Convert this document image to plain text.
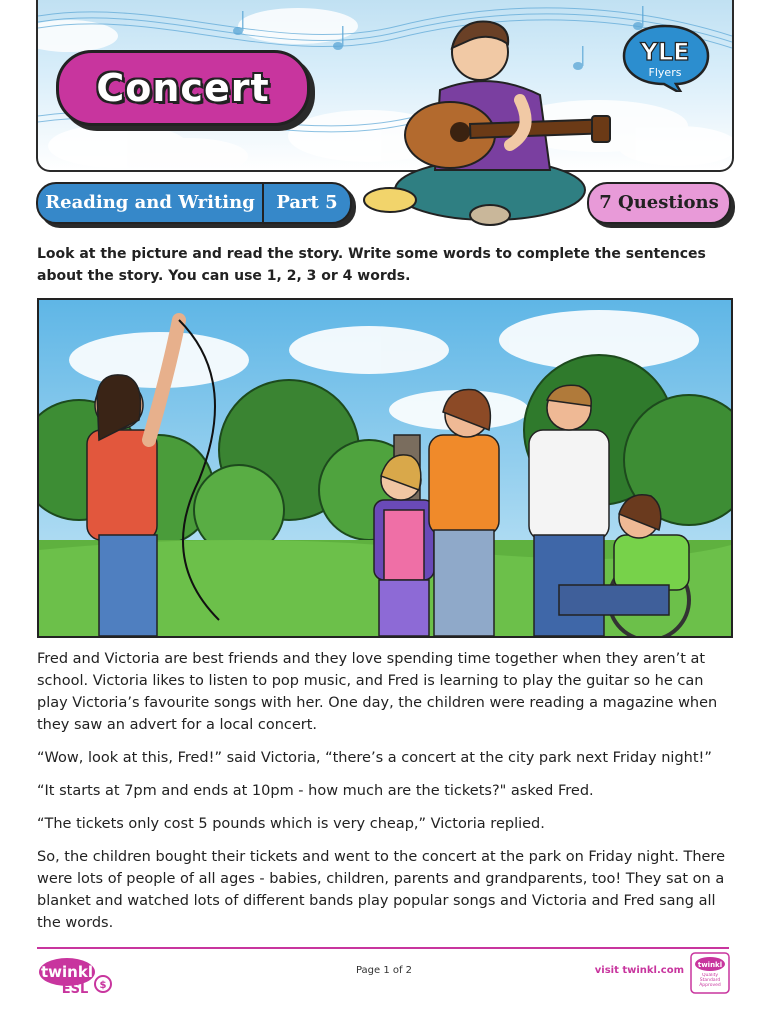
Concert
YLE
Flyers
Reading and Writing	Part 5	7 Questions
Look at the picture and read the story. Write some words to complete the sentences about the story. You can use 1, 2, 3 or 4 words.

Fred and Victoria are best friends and they love spending time together when they aren’t at school. Victoria likes to listen to pop music, and Fred is learning to play the guitar so he can play Victoria’s favourite songs with her. One day, the children were reading a magazine when they saw an advert for a local concert.

“Wow, look at this, Fred!” said Victoria, “there’s a concert at the city park next Friday night!”

“It starts at 7pm and ends at 10pm - how much are the tickets?" asked Fred.

“The tickets only cost 5 pounds which is very cheap,” Victoria replied.

So, the children bought their tickets and went to the concert at the park on Friday night. There were lots of people of all ages - babies, children, parents and grandparents, too! They sat on a blanket and watched lots of different bands play popular songs and Victoria and Fred sang all the words.

twinkl
ESL $
Page 1 of 2	visit twinkl.com twinkl
Quality Standard Approved
